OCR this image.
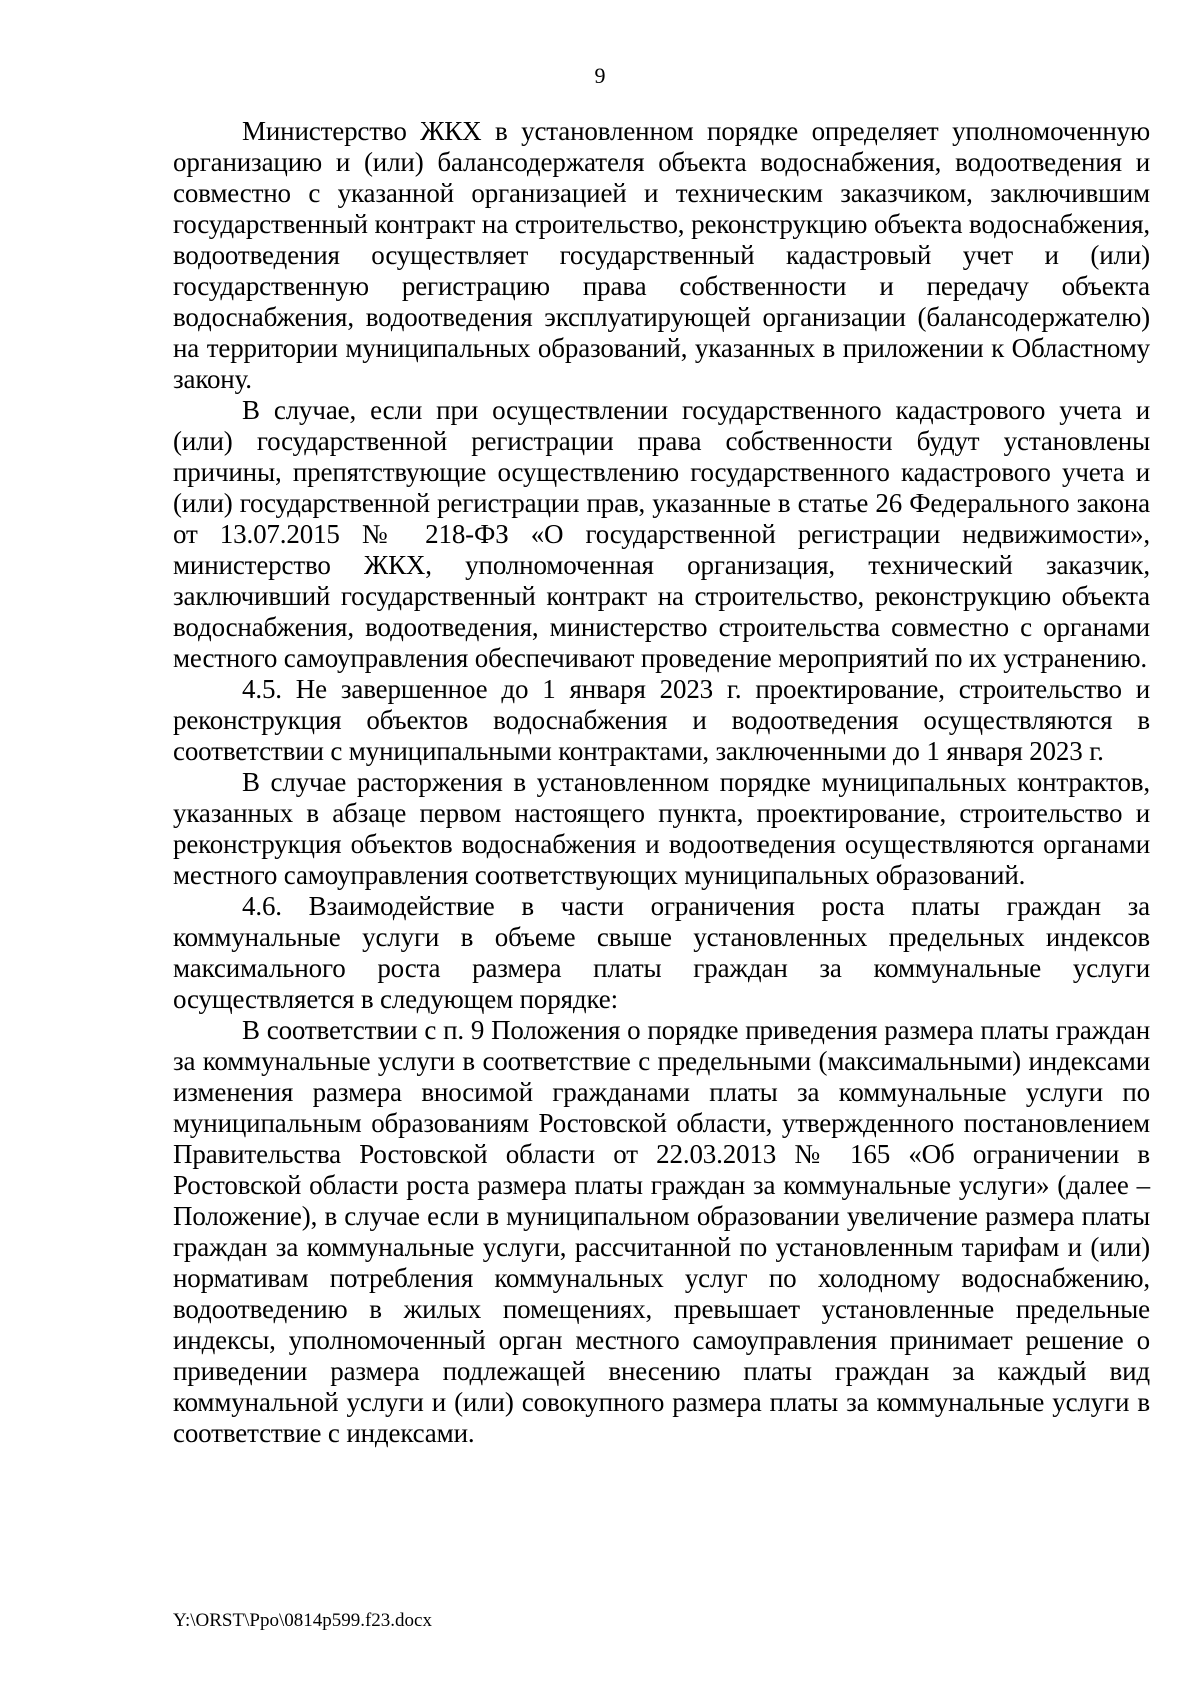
9

Министерство ЖКХ в установленном порядке определяет уполномоченную организацию и (или) балансодержателя объекта водоснабжения, водоотведения и совместно с указанной организацией и техническим заказчиком, заключившим государственный контракт на строительство, реконструкцию объекта водоснабжения, водоотведения осуществляет государственный кадастровый учет и (или) государственную регистрацию права собственности и передачу объекта водоснабжения, водоотведения эксплуатирующей организации (балансодержателю) на территории муниципальных образований, указанных в приложении к Областному закону.

В случае, если при осуществлении государственного кадастрового учета и (или) государственной регистрации права собственности будут установлены причины, препятствующие осуществлению государственного кадастрового учета и (или) государственной регистрации прав, указанные в статье 26 Федерального закона от 13.07.2015 № 218-ФЗ «О государственной регистрации недвижимости», министерство ЖКХ, уполномоченная организация, технический заказчик, заключивший государственный контракт на строительство, реконструкцию объекта водоснабжения, водоотведения, министерство строительства совместно с органами местного самоуправления обеспечивают проведение мероприятий по их устранению.

4.5. Не завершенное до 1 января 2023 г. проектирование, строительство и реконструкция объектов водоснабжения и водоотведения осуществляются в соответствии с муниципальными контрактами, заключенными до 1 января 2023 г.

В случае расторжения в установленном порядке муниципальных контрактов, указанных в абзаце первом настоящего пункта, проектирование, строительство и реконструкция объектов водоснабжения и водоотведения осуществляются органами местного самоуправления соответствующих муниципальных образований.

4.6. Взаимодействие в части ограничения роста платы граждан за коммунальные услуги в объеме свыше установленных предельных индексов максимального роста размера платы граждан за коммунальные услуги осуществляется в следующем порядке:

В соответствии с п. 9 Положения о порядке приведения размера платы граждан за коммунальные услуги в соответствие с предельными (максимальными) индексами изменения размера вносимой гражданами платы за коммунальные услуги по муниципальным образованиям Ростовской области, утвержденного постановлением Правительства Ростовской области от 22.03.2013 № 165 «Об ограничении в Ростовской области роста размера платы граждан за коммунальные услуги» (далее – Положение), в случае если в муниципальном образовании увеличение размера платы граждан за коммунальные услуги, рассчитанной по установленным тарифам и (или) нормативам потребления коммунальных услуг по холодному водоснабжению, водоотведению в жилых помещениях, превышает установленные предельные индексы, уполномоченный орган местного самоуправления принимает решение о приведении размера подлежащей внесению платы граждан за каждый вид коммунальной услуги и (или) совокупного размера платы за коммунальные услуги в соответствие с индексами.

Y:\ORST\Ppo\0814p599.f23.docx
